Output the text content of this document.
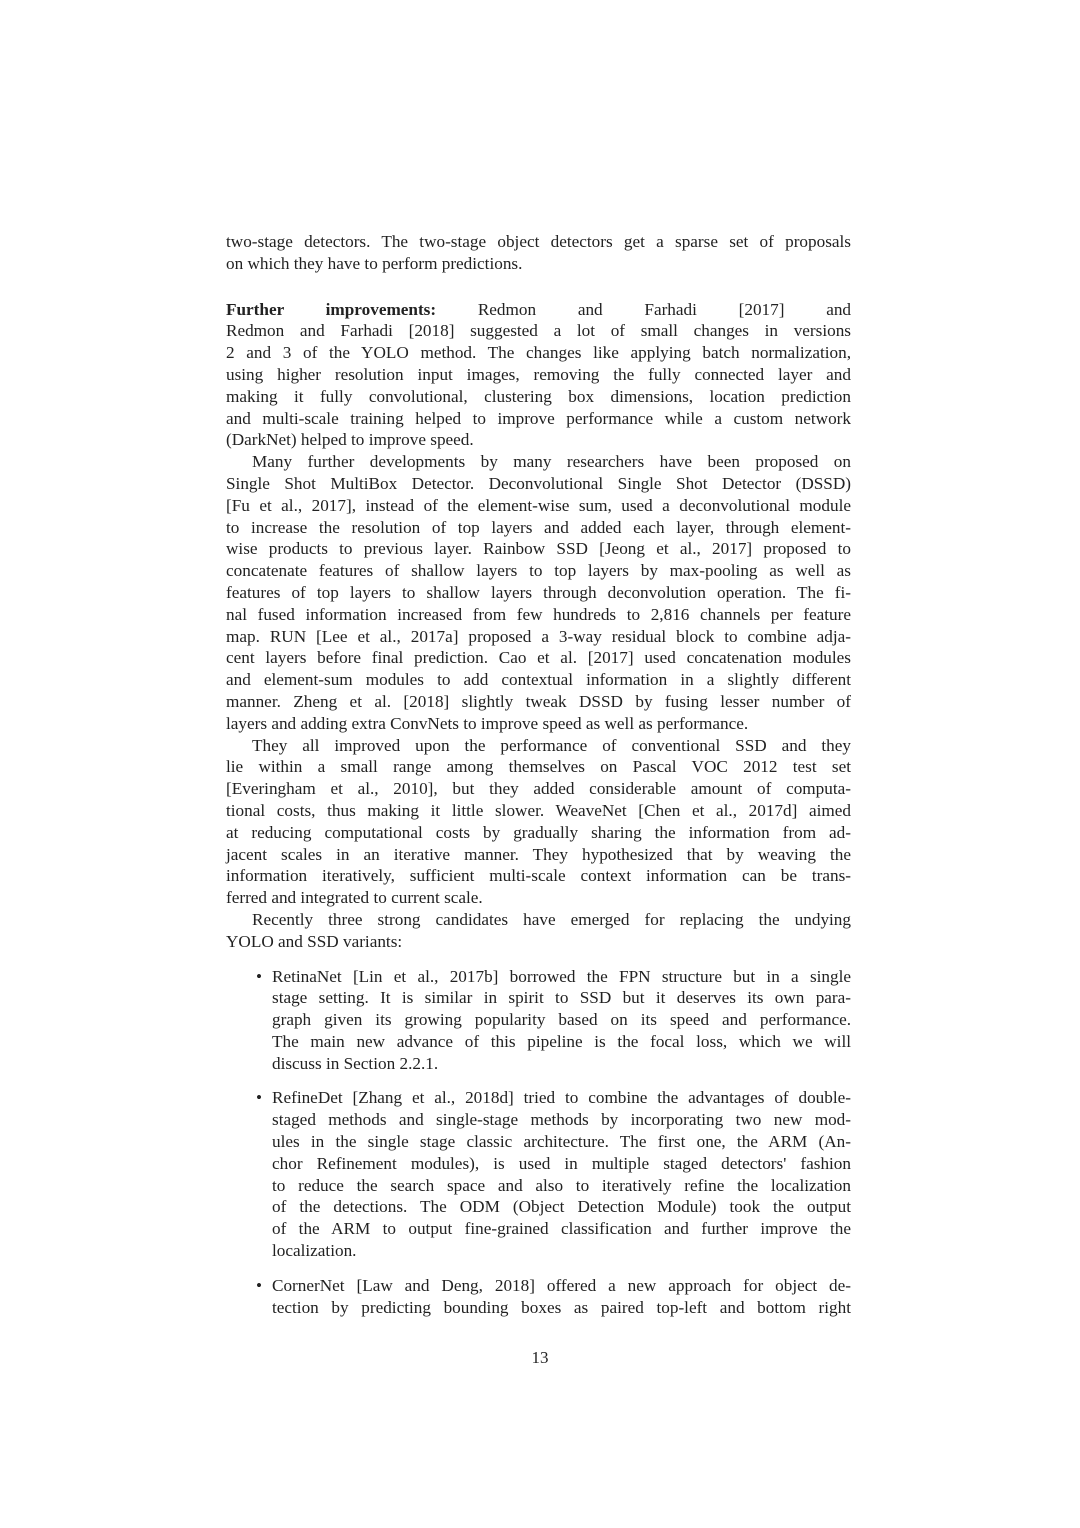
two-stage detectors. The two-stage object detectors get a sparse set of proposals
on which they have to perform predictions.
Further improvements: Redmon and Farhadi [2017] and
Redmon and Farhadi [2018] suggested a lot of small changes in versions
2 and 3 of the YOLO method. The changes like applying batch normalization,
using higher resolution input images, removing the fully connected layer and
making it fully convolutional, clustering box dimensions, location prediction
and multi-scale training helped to improve performance while a custom network
(DarkNet) helped to improve speed.
Many further developments by many researchers have been proposed on
Single Shot MultiBox Detector. Deconvolutional Single Shot Detector (DSSD)
[Fu et al., 2017], instead of the element-wise sum, used a deconvolutional module
to increase the resolution of top layers and added each layer, through element-
wise products to previous layer. Rainbow SSD [Jeong et al., 2017] proposed to
concatenate features of shallow layers to top layers by max-pooling as well as
features of top layers to shallow layers through deconvolution operation. The fi-
nal fused information increased from few hundreds to 2,816 channels per feature
map. RUN [Lee et al., 2017a] proposed a 3-way residual block to combine adja-
cent layers before final prediction. Cao et al. [2017] used concatenation modules
and element-sum modules to add contextual information in a slightly different
manner. Zheng et al. [2018] slightly tweak DSSD by fusing lesser number of
layers and adding extra ConvNets to improve speed as well as performance.
They all improved upon the performance of conventional SSD and they
lie within a small range among themselves on Pascal VOC 2012 test set
[Everingham et al., 2010], but they added considerable amount of computa-
tional costs, thus making it little slower. WeaveNet [Chen et al., 2017d] aimed
at reducing computational costs by gradually sharing the information from ad-
jacent scales in an iterative manner. They hypothesized that by weaving the
information iteratively, sufficient multi-scale context information can be trans-
ferred and integrated to current scale.
Recently three strong candidates have emerged for replacing the undying
YOLO and SSD variants:
• RetinaNet [Lin et al., 2017b] borrowed the FPN structure but in a single
stage setting. It is similar in spirit to SSD but it deserves its own para-
graph given its growing popularity based on its speed and performance.
The main new advance of this pipeline is the focal loss, which we will
discuss in Section 2.2.1.
• RefineDet [Zhang et al., 2018d] tried to combine the advantages of double-
staged methods and single-stage methods by incorporating two new mod-
ules in the single stage classic architecture. The first one, the ARM (An-
chor Refinement modules), is used in multiple staged detectors' fashion
to reduce the search space and also to iteratively refine the localization
of the detections. The ODM (Object Detection Module) took the output
of the ARM to output fine-grained classification and further improve the
localization.
• CornerNet [Law and Deng, 2018] offered a new approach for object de-
tection by predicting bounding boxes as paired top-left and bottom right
13
